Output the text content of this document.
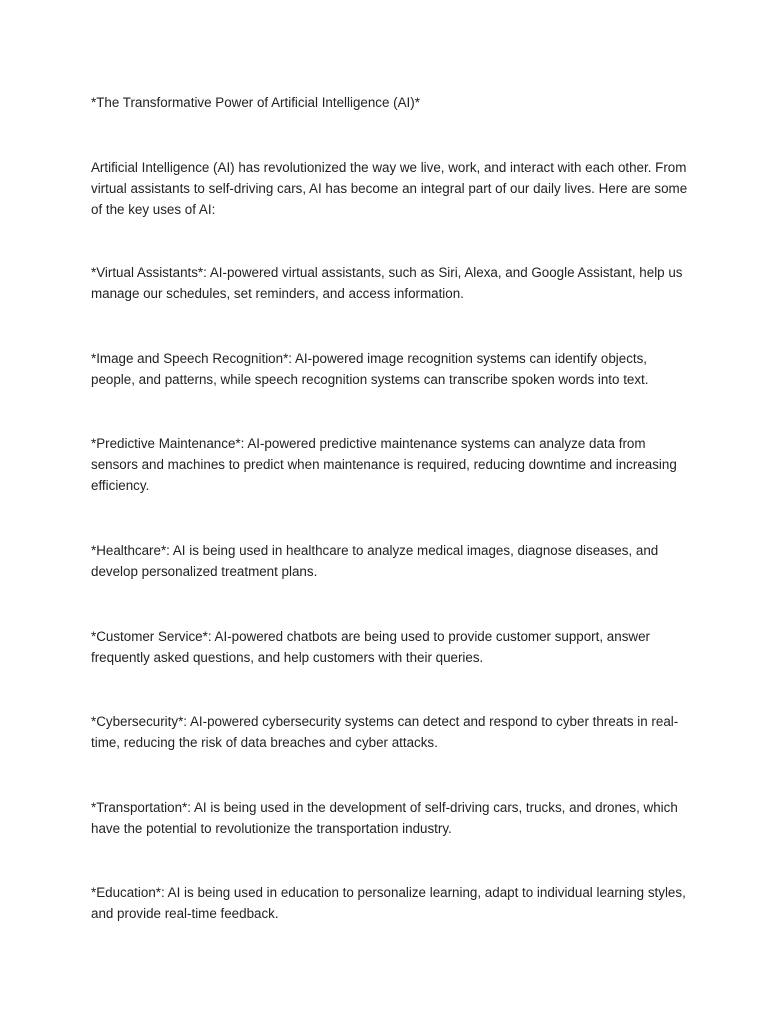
*The Transformative Power of Artificial Intelligence (AI)*

Artificial Intelligence (AI) has revolutionized the way we live, work, and interact with each other. From virtual assistants to self-driving cars, AI has become an integral part of our daily lives. Here are some of the key uses of AI:

*Virtual Assistants*: AI-powered virtual assistants, such as Siri, Alexa, and Google Assistant, help us manage our schedules, set reminders, and access information.

*Image and Speech Recognition*: AI-powered image recognition systems can identify objects, people, and patterns, while speech recognition systems can transcribe spoken words into text.

*Predictive Maintenance*: AI-powered predictive maintenance systems can analyze data from sensors and machines to predict when maintenance is required, reducing downtime and increasing efficiency.

*Healthcare*: AI is being used in healthcare to analyze medical images, diagnose diseases, and develop personalized treatment plans.

*Customer Service*: AI-powered chatbots are being used to provide customer support, answer frequently asked questions, and help customers with their queries.

*Cybersecurity*: AI-powered cybersecurity systems can detect and respond to cyber threats in real-time, reducing the risk of data breaches and cyber attacks.

*Transportation*: AI is being used in the development of self-driving cars, trucks, and drones, which have the potential to revolutionize the transportation industry.

*Education*: AI is being used in education to personalize learning, adapt to individual learning styles, and provide real-time feedback.
